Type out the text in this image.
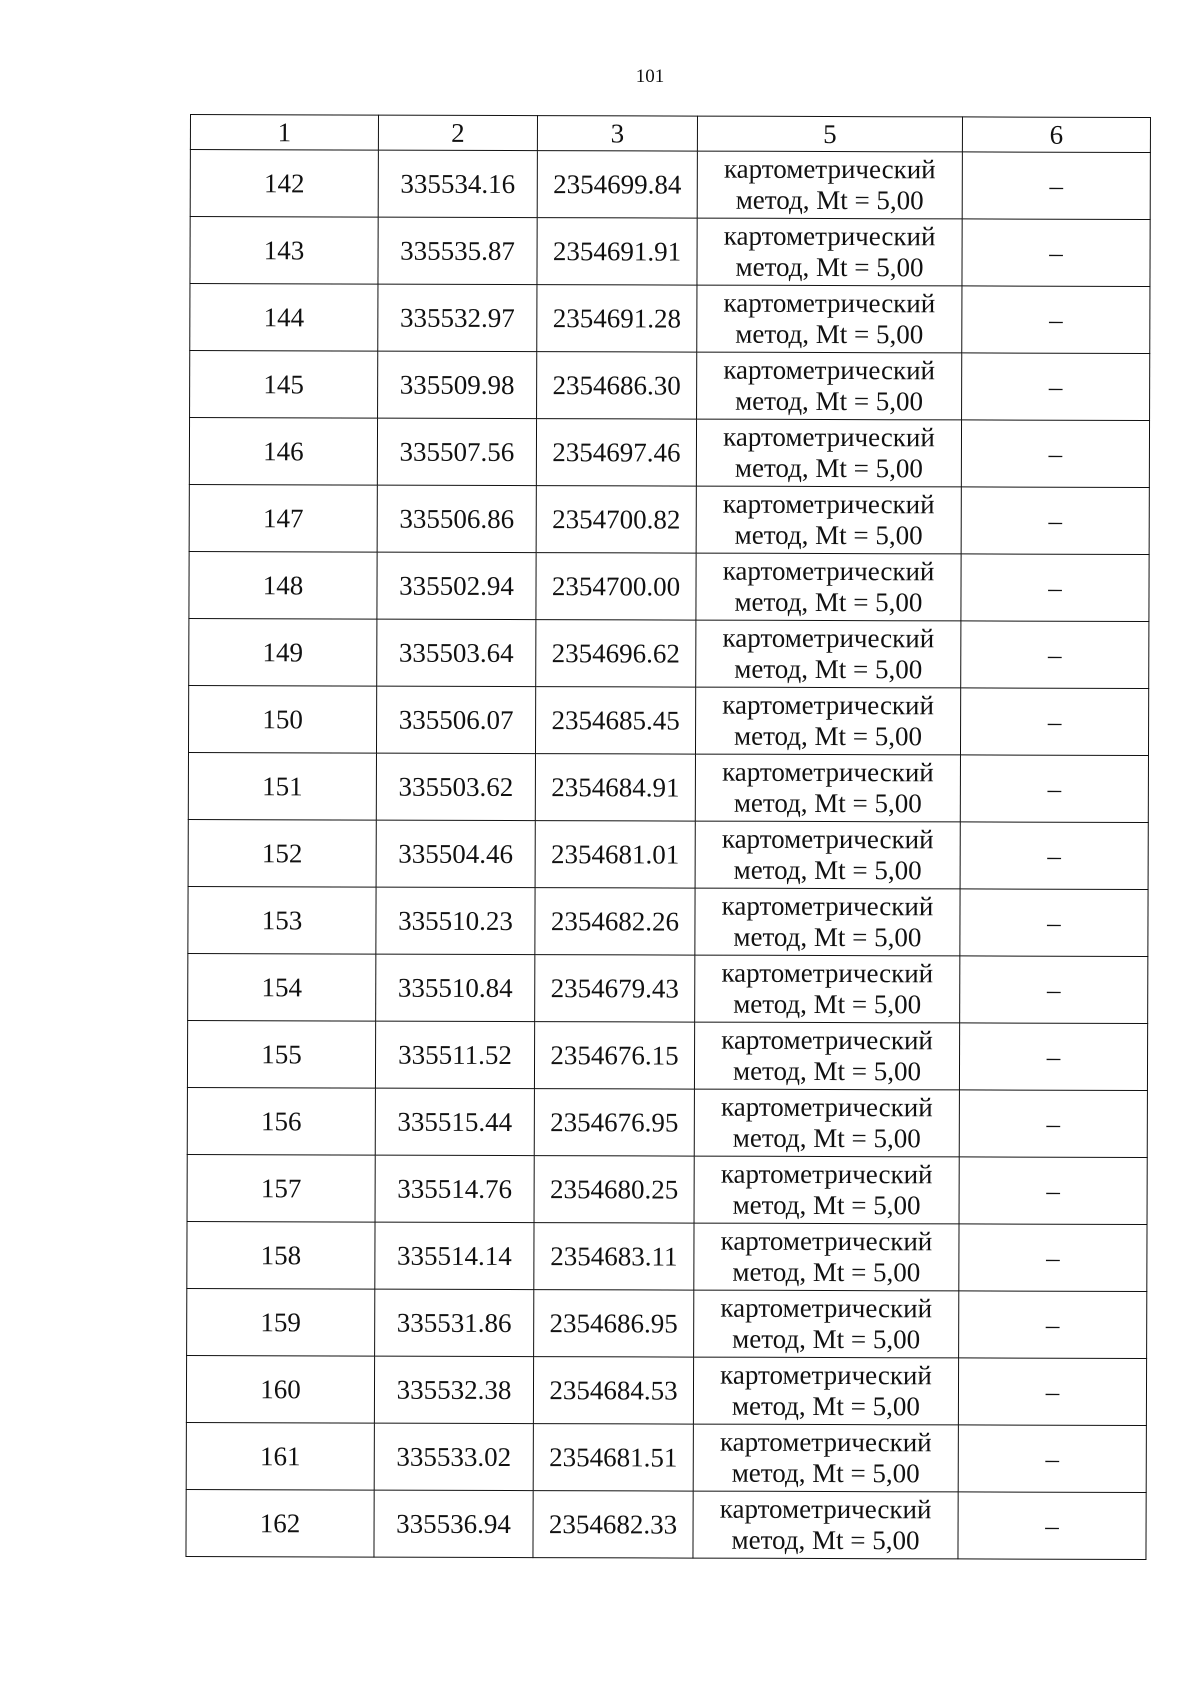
101
1	2	3	5	6
142	335534.16	2354699.84	картометрический
метод, Mt = 5,00	–
143	335535.87	2354691.91	картометрический
метод, Mt = 5,00	–
144	335532.97	2354691.28	картометрический
метод, Mt = 5,00	–
145	335509.98	2354686.30	картометрический
метод, Mt = 5,00	–
146	335507.56	2354697.46	картометрический
метод, Mt = 5,00	–
147	335506.86	2354700.82	картометрический
метод, Mt = 5,00	–
148	335502.94	2354700.00	картометрический
метод, Mt = 5,00	–
149	335503.64	2354696.62	картометрический
метод, Mt = 5,00	–
150	335506.07	2354685.45	картометрический
метод, Mt = 5,00	–
151	335503.62	2354684.91	картометрический
метод, Mt = 5,00	–
152	335504.46	2354681.01	картометрический
метод, Mt = 5,00	–
153	335510.23	2354682.26	картометрический
метод, Mt = 5,00	–
154	335510.84	2354679.43	картометрический
метод, Mt = 5,00	–
155	335511.52	2354676.15	картометрический
метод, Mt = 5,00	–
156	335515.44	2354676.95	картометрический
метод, Mt = 5,00	–
157	335514.76	2354680.25	картометрический
метод, Mt = 5,00	–
158	335514.14	2354683.11	картометрический
метод, Mt = 5,00	–
159	335531.86	2354686.95	картометрический
метод, Mt = 5,00	–
160	335532.38	2354684.53	картометрический
метод, Mt = 5,00	–
161	335533.02	2354681.51	картометрический
метод, Mt = 5,00	–
162	335536.94	2354682.33	картометрический
метод, Mt = 5,00	–
